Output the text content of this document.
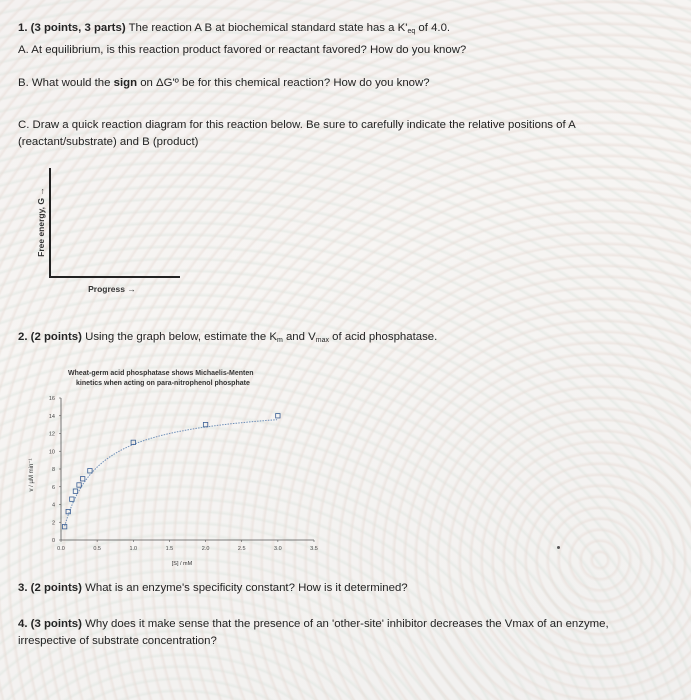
1. (3 points, 3 parts) The reaction A B at biochemical standard state has a $K'_{eq}$ of 4.0.
A. At equilibrium, is this reaction product favored or reactant favored? How do you know?
B. What would the sign on ΔG'º be for this chemical reaction? How do you know?
C. Draw a quick reaction diagram for this reaction below. Be sure to carefully indicate the relative positions of A
(reactant/substrate) and B (product)
Free energy, G →
Progress →
2. (2 points) Using the graph below, estimate the $K_m$ and $V_{max}$ of acid phosphatase.
Wheat-germ acid phosphatase shows Michaelis-Menten
kinetics when acting on para-nitrophenol phosphate
0.0	0.5	1.0	1.5	2.0	2.5	3.0	3.5
0
2
4
6
8
10
12
14
16
[S] / mM
v / µM min⁻¹
3. (2 points) What is an enzyme's specificity constant? How is it determined?
4. (3 points) Why does it make sense that the presence of an 'other-site' inhibitor decreases the Vmax of an enzyme,
irrespective of substrate concentration?
